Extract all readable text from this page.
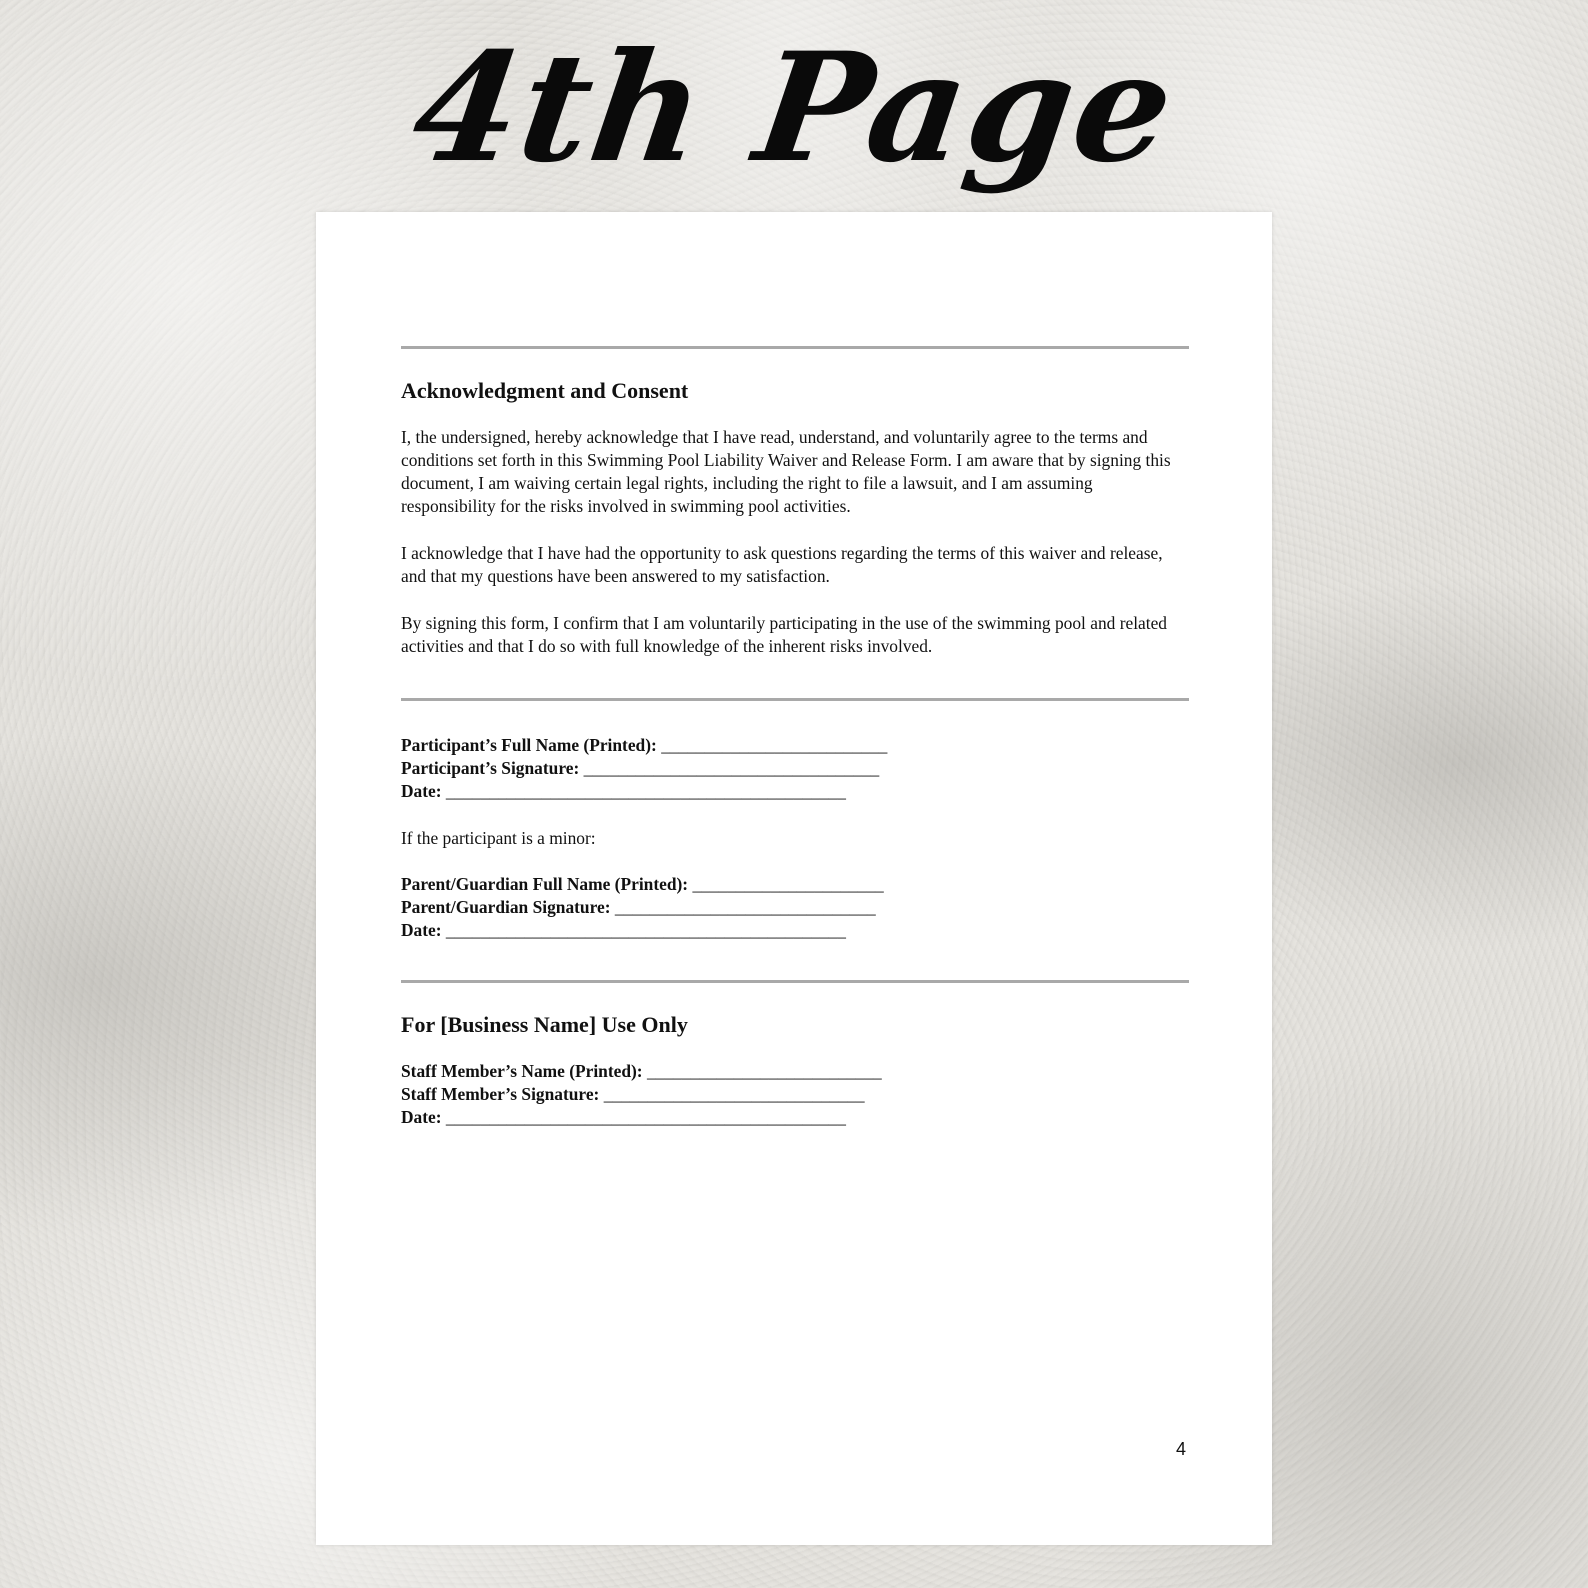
4th Page
Acknowledgment and Consent

I, the undersigned, hereby acknowledge that I have read, understand, and voluntarily agree to the terms and conditions set forth in this Swimming Pool Liability Waiver and Release Form. I am aware that by signing this document, I am waiving certain legal rights, including the right to file a lawsuit, and I am assuming responsibility for the risks involved in swimming pool activities.

I acknowledge that I have had the opportunity to ask questions regarding the terms of this waiver and release, and that my questions have been answered to my satisfaction.

By signing this form, I confirm that I am voluntarily participating in the use of the swimming pool and related activities and that I do so with full knowledge of the inherent risks involved.

Participant’s Full Name (Printed): __________________________
Participant’s Signature: __________________________________
Date: ______________________________________________
If the participant is a minor:
Parent/Guardian Full Name (Printed): ______________________
Parent/Guardian Signature: ______________________________
Date: ______________________________________________
For [Business Name] Use Only
Staff Member’s Name (Printed): ___________________________
Staff Member’s Signature: ______________________________
Date: ______________________________________________
4
